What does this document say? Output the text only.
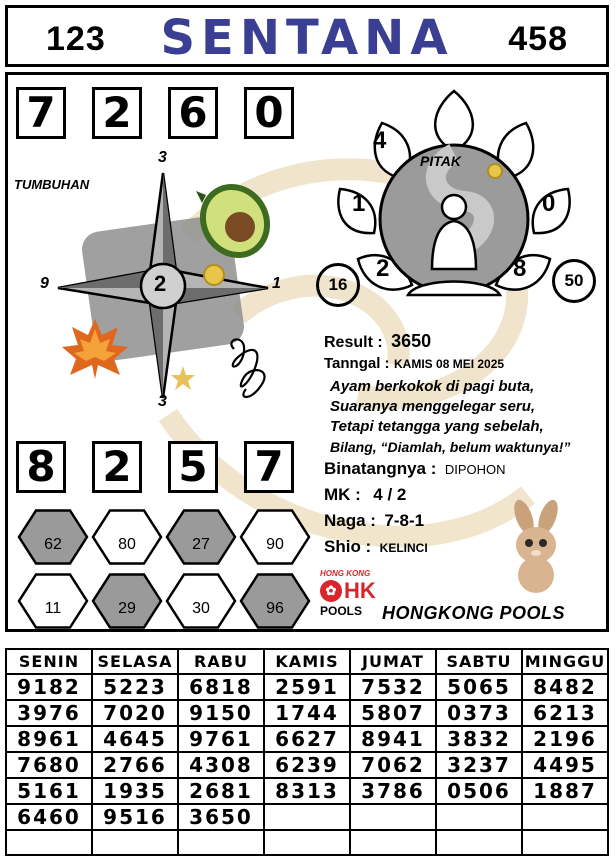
123	SENTANA	458
7 2 6 0
TUMBUHAN
3
3
9	1
2
PITAK
4
1	0
2	8
16	50
Result : 3650
Tanngal : KAMIS 08 MEI 2025
Ayam berkokok di pagi buta,
Suaranya menggelegar seru,
Tetapi tetangga yang sebelah,
Bilang, “Diamlah, belum waktunya!”
Binatangnya : DIPOHON
MK : 4 / 2
Naga : 7-8-1
Shio : KELINCI
8 2 5 7
62	80	27	90
11	29	30	96
HONG KONG
✿ HK
POOLS	HONGKONG POOLS
SENIN	SELASA	RABU	KAMIS	JUMAT	SABTU	MINGGU
9182	5223	6818	2591	7532	5065	8482
3976	7020	9150	1744	5807	0373	6213
8961	4645	9761	6627	8941	3832	2196
7680	2766	4308	6239	7062	3237	4495
5161	1935	2681	8313	3786	0506	1887
6460	9516	3650				
